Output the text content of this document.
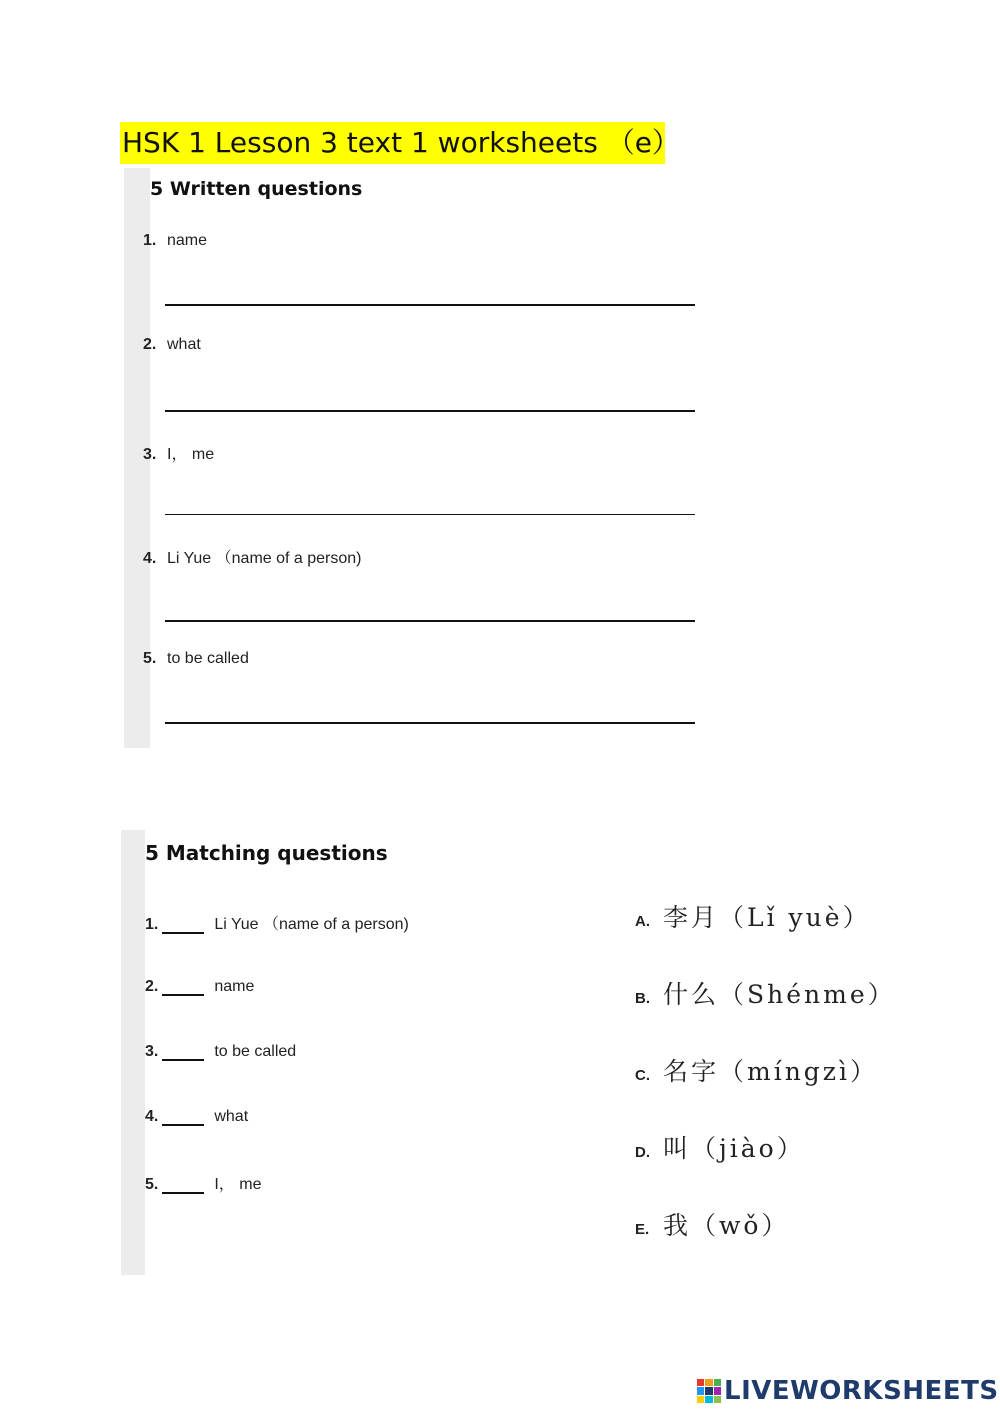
HSK 1 Lesson 3 text 1 worksheets （e）
5 Written questions
1. name
2. what
3. I， me
4. Li Yue （name of a person)
5. to be called
5 Matching questions
1.	Li Yue （name of a person)
2.	name
3.	to be called
4.	what
5.	I， me
A. 李月（Lǐ yuè）
B. 什么（Shénme）
C. 名字（míngzì）
D. 叫（jiào）
E. 我（wǒ）
LIVEWORKSHEETS
